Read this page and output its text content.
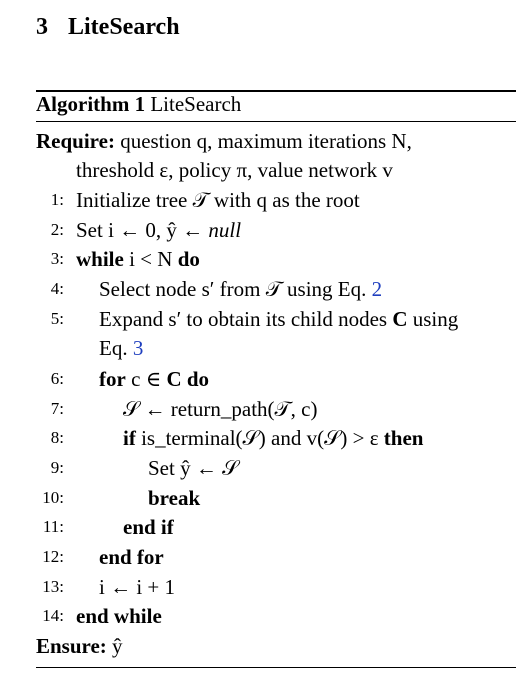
3 LiteSearch
Algorithm 1 LiteSearch
Require: question q, maximum iterations N,
threshold ε, policy π, value network v
1: Initialize tree 𝒯 with q as the root
2: Set i ← 0, ŷ ← null
3: while i < N do
4: Select node s′ from 𝒯 using Eq. 2
5: Expand s′ to obtain its child nodes C using
Eq. 3
6: for c ∈ C do
7:	𝒮 ← return_path(𝒯, c)
8:	if is_terminal(𝒮) and v(𝒮) > ε then
9:	Set ŷ ← 𝒮
10:	break
11:	end if
12: end for
13: i ← i + 1
14: end while
Ensure: ŷ
